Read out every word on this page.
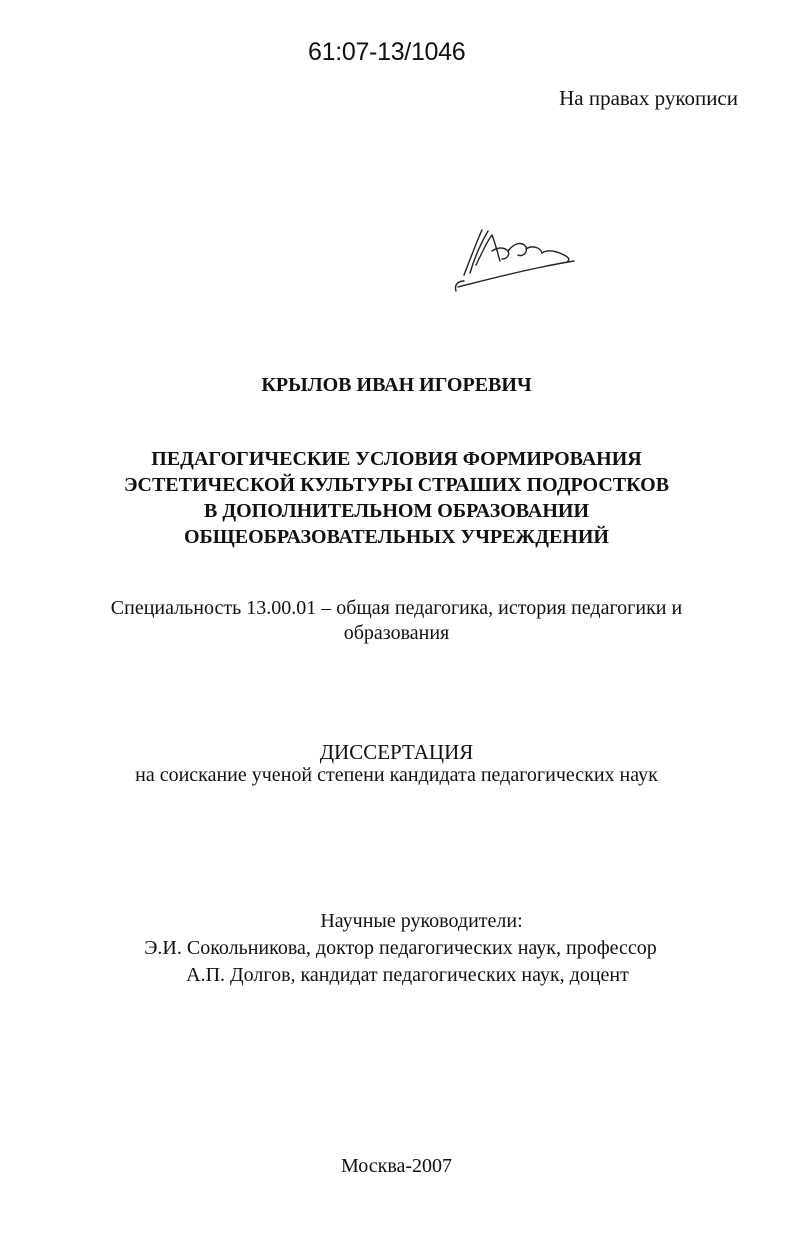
61:07-13/1046
На правах рукописи
КРЫЛОВ ИВАН ИГОРЕВИЧ
ПЕДАГОГИЧЕСКИЕ УСЛОВИЯ ФОРМИРОВАНИЯ
ЭСТЕТИЧЕСКОЙ КУЛЬТУРЫ СТРАШИХ ПОДРОСТКОВ
В ДОПОЛНИТЕЛЬНОМ ОБРАЗОВАНИИ
ОБЩЕОБРАЗОВАТЕЛЬНЫХ УЧРЕЖДЕНИЙ
Специальность 13.00.01 – общая педагогика, история педагогики и
образования
ДИССЕРТАЦИЯ
на соискание ученой степени кандидата педагогических наук
Научные руководители:
Э.И. Сокольникова, доктор педагогических наук, профессор
А.П. Долгов, кандидат педагогических наук, доцент
Москва-2007
